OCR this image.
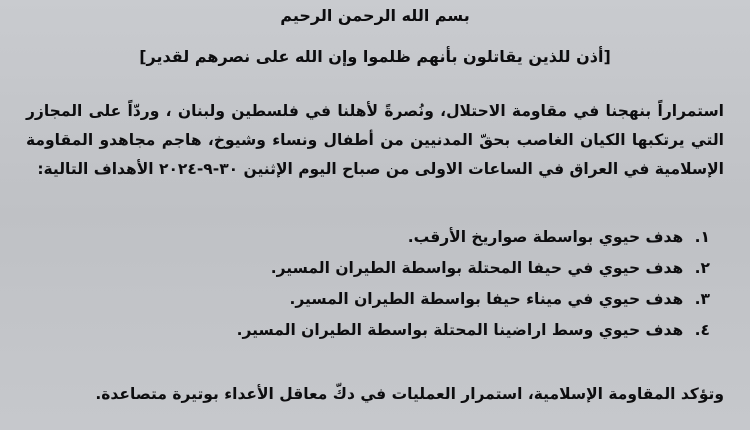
بسم الله الرحمن الرحيم
[أذن للذين يقاتلون بأنهم ظلموا وإن الله على نصرهم لقدير]

استمراراً بنهجنا في مقاومة الاحتلال، ونُصرةً لأهلنا في فلسطين ولبنان ، وردّاً على المجازر التي يرتكبها الكيان الغاصب بحقّ المدنيين من أطفال ونساء وشيوخ، هاجم مجاهدو المقاومة الإسلامية في العراق في الساعات الاولى من صباح اليوم الإثنين ٣٠-٩-٢٠٢٤ الأهداف التالية:

١. هدف حيوي بواسطة صواريخ الأرقب.
٢. هدف حيوي في حيفا المحتلة بواسطة الطيران المسير.
٣. هدف حيوي في ميناء حيفا بواسطة الطيران المسير.
٤. هدف حيوي وسط اراضينا المحتلة بواسطة الطيران المسير.
وتؤكد المقاومة الإسلامية، استمرار العمليات في دكّ معاقل الأعداء بوتيرة متصاعدة.
